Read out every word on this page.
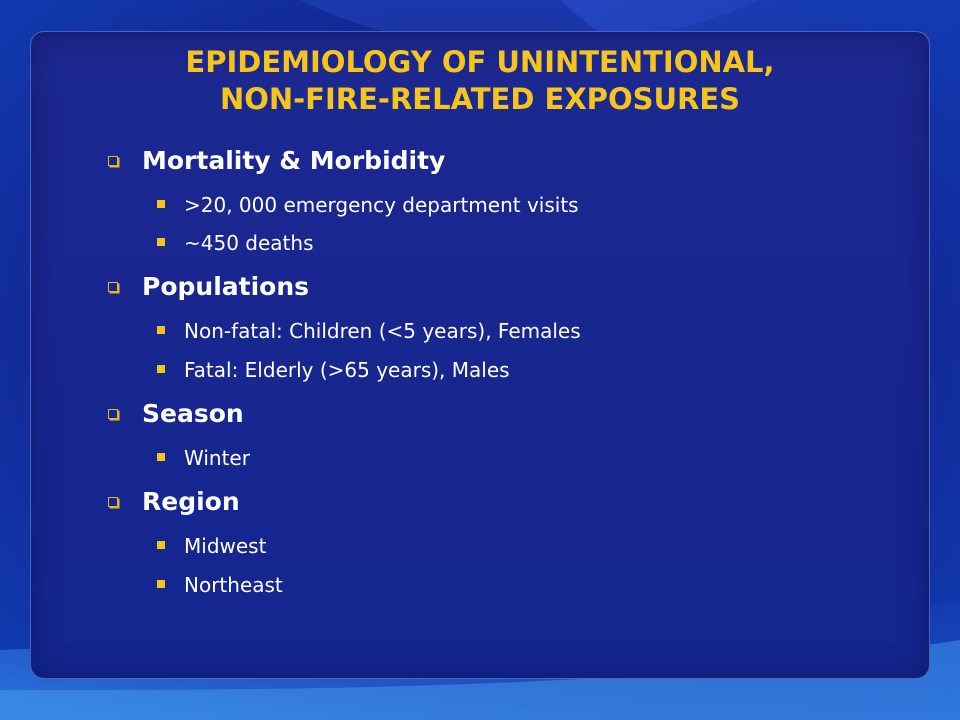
EPIDEMIOLOGY OF UNINTENTIONAL,
NON-FIRE-RELATED EXPOSURES
Mortality & Morbidity
>20, 000 emergency department visits
~450 deaths
Populations
Non-fatal: Children (<5 years), Females
Fatal: Elderly (>65 years), Males
Season
Winter
Region
Midwest
Northeast
